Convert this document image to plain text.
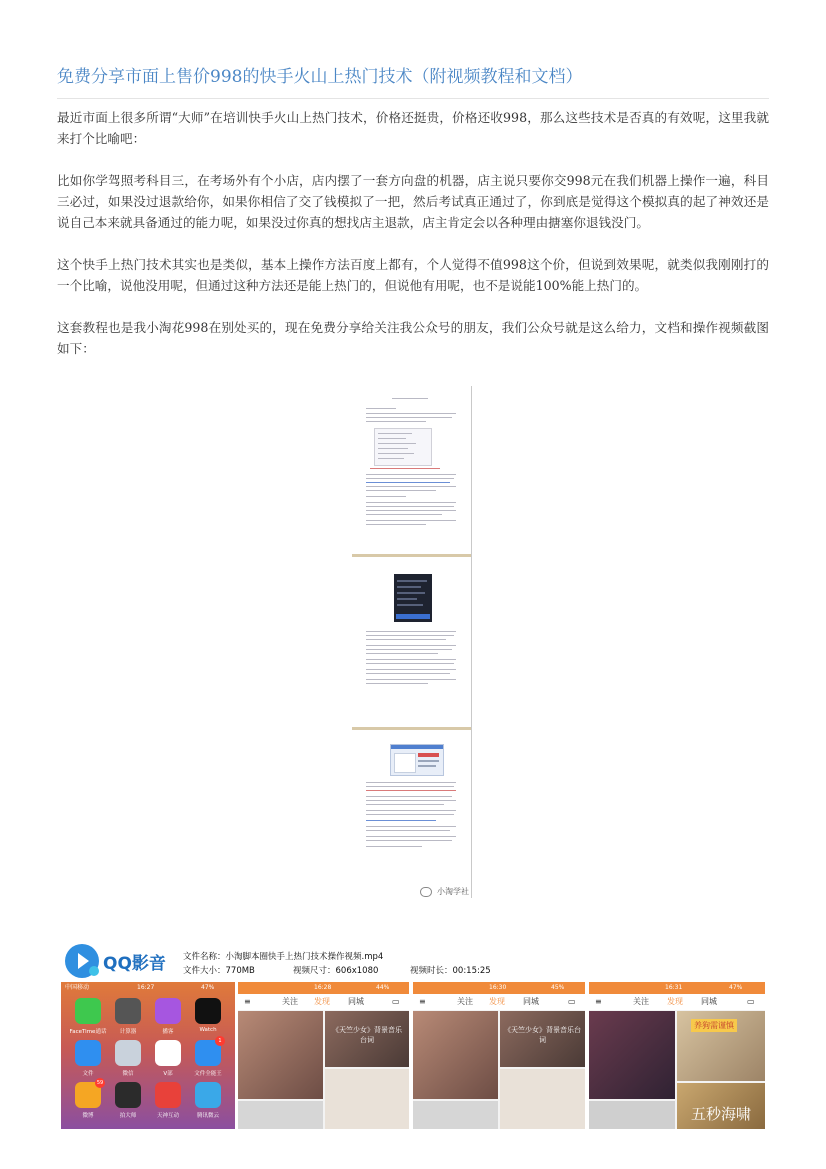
免费分享市面上售价998的快手火山上热门技术（附视频教程和文档）

最近市面上很多所谓“大师”在培训快手火山上热门技术，价格还挺贵，价格还收998，那么这些技术是否真的有效呢，这里我就来打个比喻吧：

比如你学驾照考科目三，在考场外有个小店，店内摆了一套方向盘的机器，店主说只要你交998元在我们机器上操作一遍，科目三必过，如果没过退款给你，如果你相信了交了钱模拟了一把，然后考试真正通过了，你到底是觉得这个模拟真的起了神效还是说自己本来就具备通过的能力呢，如果没过你真的想找店主退款，店主肯定会以各种理由搪塞你退钱没门。

这个快手上热门技术其实也是类似，基本上操作方法百度上都有，个人觉得不值998这个价，但说到效果呢，就类似我刚刚打的一个比喻，说他没用呢，但通过这种方法还是能上热门的，但说他有用呢，也不是说能100%能上热门的。

这套教程也是我小淘花998在别处买的，现在免费分享给关注我公众号的朋友，我们公众号就是这么给力，文档和操作视频截图如下：

小淘学社
QQ影音 文件名称：小淘脚本圈快手上热门技术操作视频.mp4
文件大小：770MB	视频尺寸：606x1080	视频时长：00:15:25
中国移动	16:27	47%
FaceTime通话	计算器	播客	Watch
文件	微信	V部
1
文件全能王
59
微博	拍大师	天神互动	腾讯微云
16:28	44%
≡	关注 发现 同城	▭
《天竺少女》背景音乐台词
16:30	45%
≡	关注 发现 同城	▭
《天竺少女》背景音乐台词
16:31	47%
≡	关注 发现 同城	▭
养狗需谨慎
五秒海啸
